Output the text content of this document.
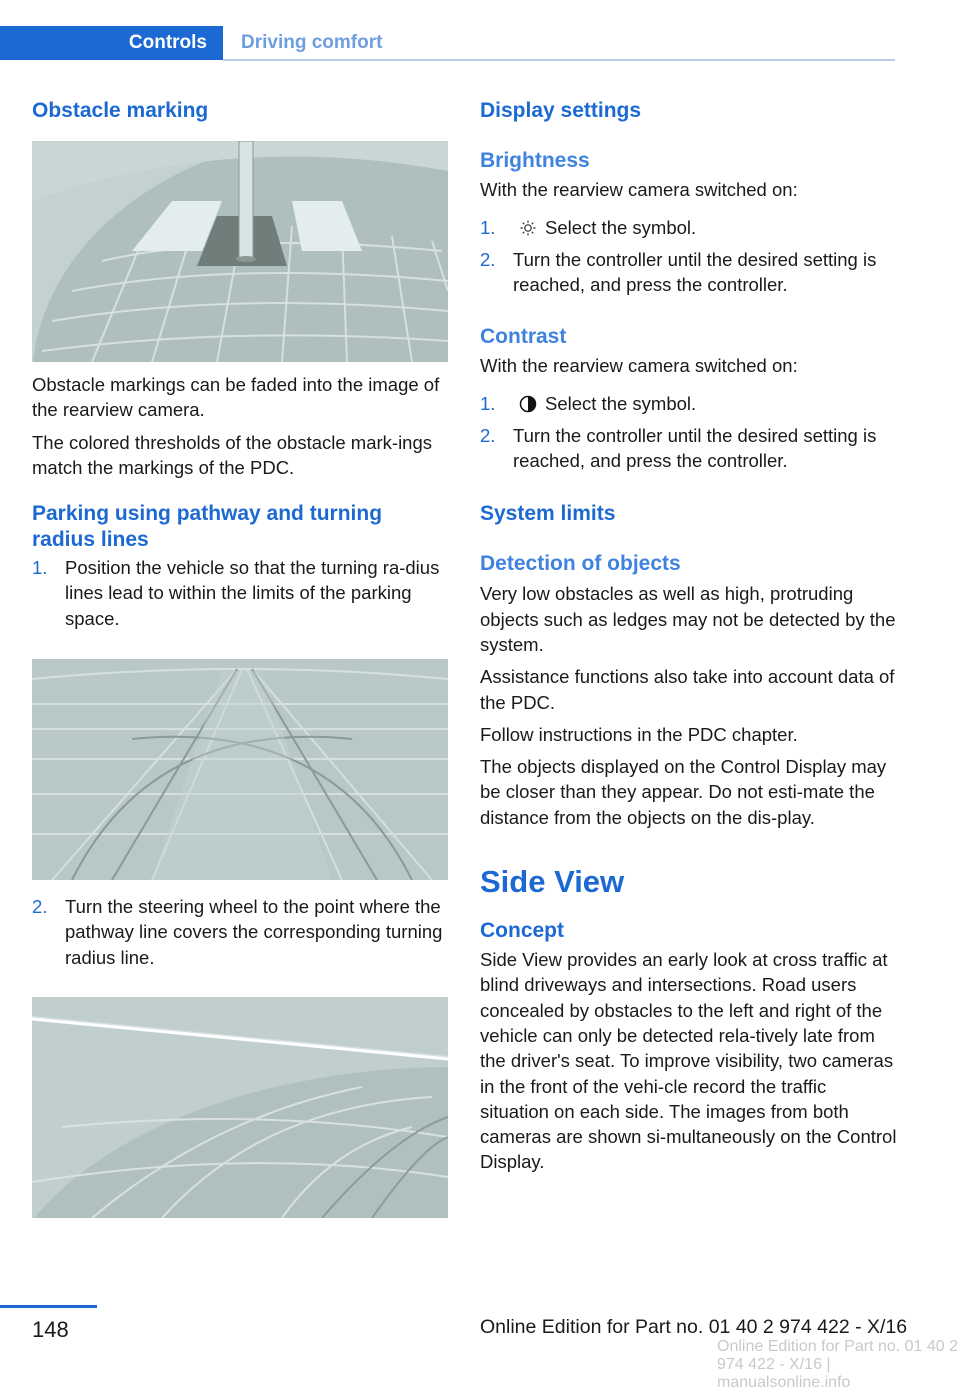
Controls	Driving comfort
Obstacle marking

Obstacle markings can be faded into the image of the rearview camera.

The colored thresholds of the obstacle mark‐ings match the markings of the PDC.

Parking using pathway and turning radius lines
1. Position the vehicle so that the turning ra‐dius lines lead to within the limits of the parking space.
2. Turn the steering wheel to the point where the pathway line covers the corresponding turning radius line.
Display settings
Brightness

With the rearview camera switched on:

1.	Select the symbol.
2. Turn the controller until the desired setting is reached, and press the controller.
Contrast

With the rearview camera switched on:

1.	Select the symbol.
2. Turn the controller until the desired setting is reached, and press the controller.
System limits
Detection of objects

Very low obstacles as well as high, protruding objects such as ledges may not be detected by the system.

Assistance functions also take into account data of the PDC.

Follow instructions in the PDC chapter.

The objects displayed on the Control Display may be closer than they appear. Do not esti‐mate the distance from the objects on the dis‐play.

Side View
Concept

Side View provides an early look at cross traffic at blind driveways and intersections. Road users concealed by obstacles to the left and right of the vehicle can only be detected rela‐tively late from the driver's seat. To improve visibility, two cameras in the front of the vehi‐cle record the traffic situation on each side. The images from both cameras are shown si‐multaneously on the Control Display.

148	Online Edition for Part no. 01 40 2 974 422 - X/16
Online Edition for Part no. 01 40 2 974 422 - X/16 | manualsonline.info
